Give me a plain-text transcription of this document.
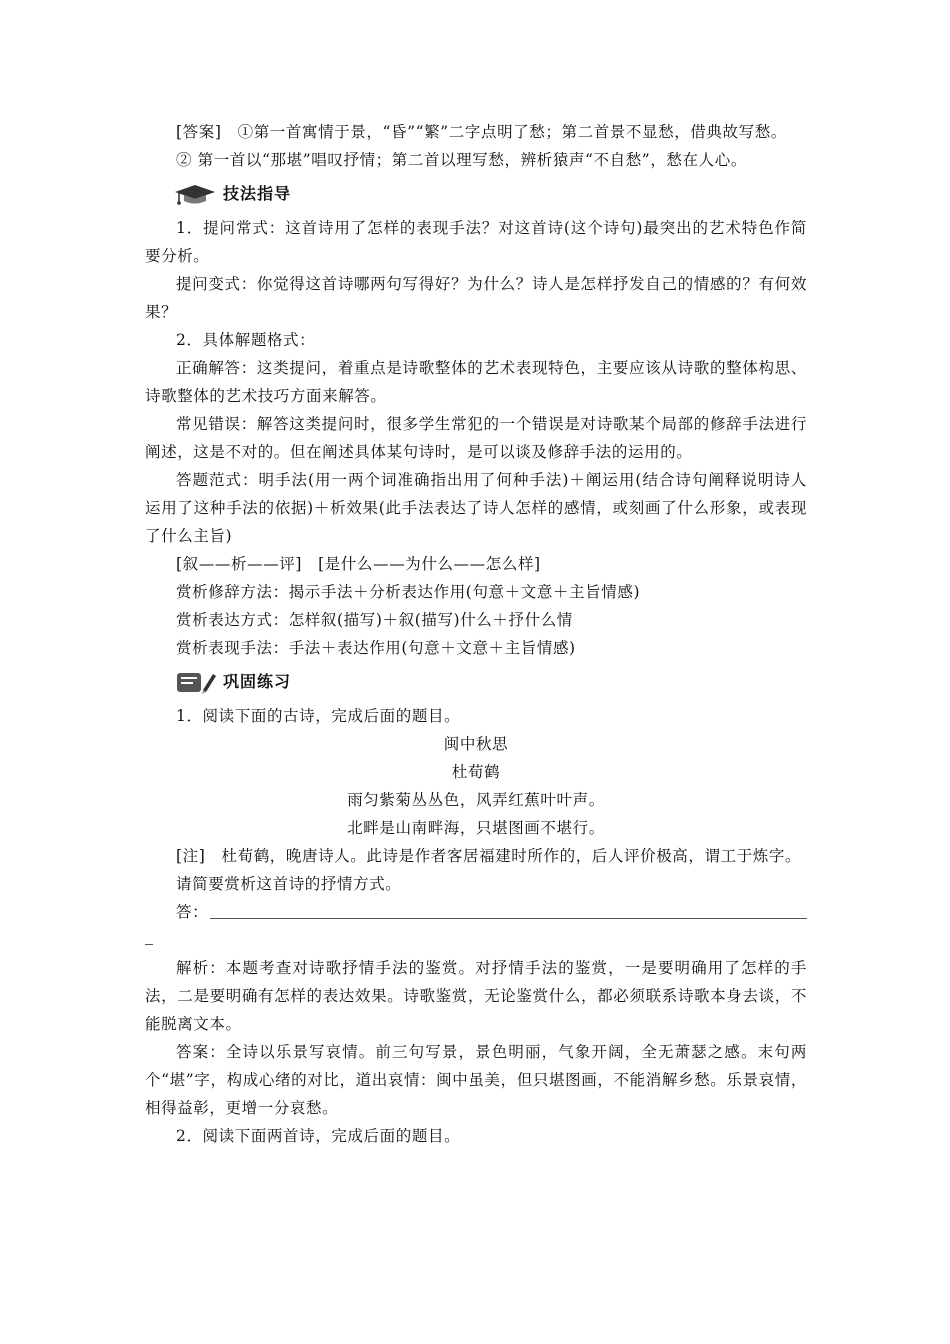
[答案]　①第一首寓情于景，“昏”“繁”二字点明了愁；第二首景不显愁，借典故写愁。

② 第一首以“那堪”唱叹抒情；第二首以理写愁，辨析猿声“不自愁”，愁在人心。

技法指导

1．提问常式：这首诗用了怎样的表现手法？对这首诗(这个诗句)最突出的艺术特色作简要分析。

提问变式：你觉得这首诗哪两句写得好？为什么？诗人是怎样抒发自己的情感的？有何效果？

2．具体解题格式：

正确解答：这类提问，着重点是诗歌整体的艺术表现特色，主要应该从诗歌的整体构思、诗歌整体的艺术技巧方面来解答。

常见错误：解答这类提问时，很多学生常犯的一个错误是对诗歌某个局部的修辞手法进行阐述，这是不对的。但在阐述具体某句诗时，是可以谈及修辞手法的运用的。

答题范式：明手法(用一两个词准确指出用了何种手法)＋阐运用(结合诗句阐释说明诗人运用了这种手法的依据)＋析效果(此手法表达了诗人怎样的感情，或刻画了什么形象，或表现了什么主旨)

[叙——析——评]　[是什么——为什么——怎么样]

赏析修辞方法：揭示手法＋分析表达作用(句意＋文意＋主旨情感)

赏析表达方式：怎样叙(描写)＋叙(描写)什么＋抒什么情

赏析表现手法：手法＋表达作用(句意＋文意＋主旨情感)

巩固练习

1．阅读下面的古诗，完成后面的题目。

闽中秋思

杜荀鹤

雨匀紫菊丛丛色，风弄红蕉叶叶声。

北畔是山南畔海，只堪图画不堪行。

[注]　杜荀鹤，晚唐诗人。此诗是作者客居福建时所作的，后人评价极高，谓工于炼字。

请简要赏析这首诗的抒情方式。

答：

解析：本题考查对诗歌抒情手法的鉴赏。对抒情手法的鉴赏，一是要明确用了怎样的手法，二是要明确有怎样的表达效果。诗歌鉴赏，无论鉴赏什么，都必须联系诗歌本身去谈，不能脱离文本。

答案：全诗以乐景写哀情。前三句写景，景色明丽，气象开阔，全无萧瑟之感。末句两个“堪”字，构成心绪的对比，道出哀情：闽中虽美，但只堪图画，不能消解乡愁。乐景哀情，相得益彰，更增一分哀愁。

2．阅读下面两首诗，完成后面的题目。
